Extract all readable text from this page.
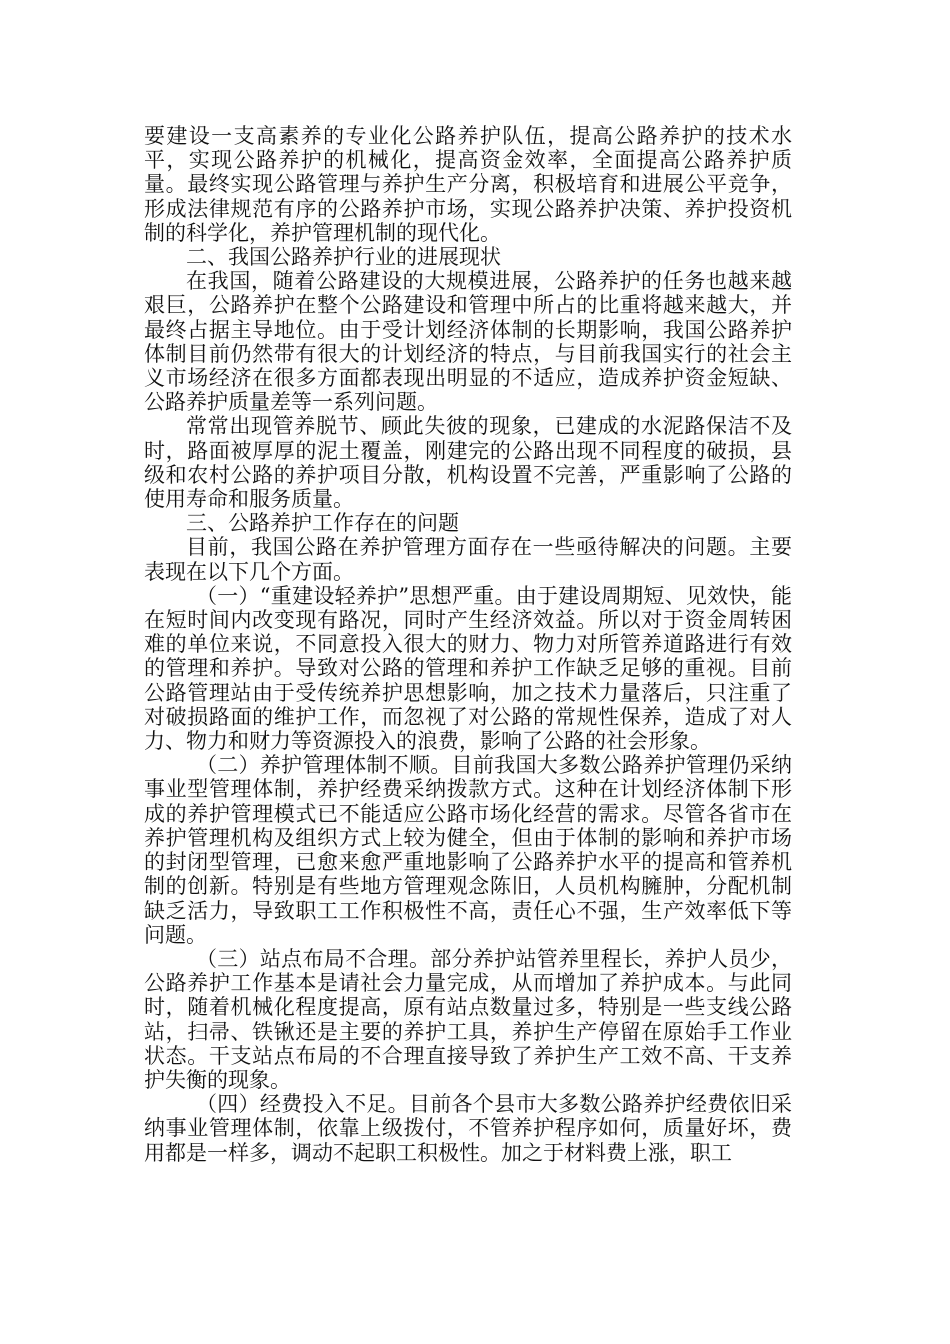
要建设一支高素养的专业化公路养护队伍，提高公路养护的技术水平，实现公路养护的机械化，提高资金效率，全面提高公路养护质量。最终实现公路管理与养护生产分离，积极培育和进展公平竞争，形成法律规范有序的公路养护市场，实现公路养护决策、养护投资机制的科学化，养护管理机制的现代化。

二、我国公路养护行业的进展现状

在我国，随着公路建设的大规模进展，公路养护的任务也越来越艰巨，公路养护在整个公路建设和管理中所占的比重将越来越大，并最终占据主导地位。由于受计划经济体制的长期影响，我国公路养护体制目前仍然带有很大的计划经济的特点，与目前我国实行的社会主义市场经济在很多方面都表现出明显的不适应，造成养护资金短缺、公路养护质量差等一系列问题。

常常出现管养脱节、顾此失彼的现象，已建成的水泥路保洁不及时，路面被厚厚的泥土覆盖，刚建完的公路出现不同程度的破损，县级和农村公路的养护项目分散，机构设置不完善，严重影响了公路的使用寿命和服务质量。

三、公路养护工作存在的问题

目前，我国公路在养护管理方面存在一些亟待解决的问题。主要表现在以下几个方面。

（一）“重建设轻养护”思想严重。由于建设周期短、见效快，能在短时间内改变现有路况，同时产生经济效益。所以对于资金周转困难的单位来说，不同意投入很大的财力、物力对所管养道路进行有效的管理和养护。导致对公路的管理和养护工作缺乏足够的重视。目前公路管理站由于受传统养护思想影响，加之技术力量落后，只注重了对破损路面的维护工作，而忽视了对公路的常规性保养，造成了对人力、物力和财力等资源投入的浪费，影响了公路的社会形象。

（二）养护管理体制不顺。目前我国大多数公路养护管理仍采纳事业型管理体制，养护经费采纳拨款方式。这种在计划经济体制下形成的养护管理模式已不能适应公路市场化经营的需求。尽管各省市在养护管理机构及组织方式上较为健全，但由于体制的影响和养护市场的封闭型管理，已愈来愈严重地影响了公路养护水平的提高和管养机制的创新。特别是有些地方管理观念陈旧，人员机构臃肿，分配机制缺乏活力，导致职工工作积极性不高，责任心不强，生产效率低下等问题。

（三）站点布局不合理。部分养护站管养里程长，养护人员少，公路养护工作基本是请社会力量完成，从而增加了养护成本。与此同时，随着机械化程度提高，原有站点数量过多，特别是一些支线公路站，扫帚、铁锹还是主要的养护工具，养护生产停留在原始手工作业状态。干支站点布局的不合理直接导致了养护生产工效不高、干支养护失衡的现象。

（四）经费投入不足。目前各个县市大多数公路养护经费依旧采纳事业管理体制，依靠上级拨付，不管养护程序如何，质量好坏，费用都是一样多，调动不起职工积极性。加之于材料费上涨，职工
